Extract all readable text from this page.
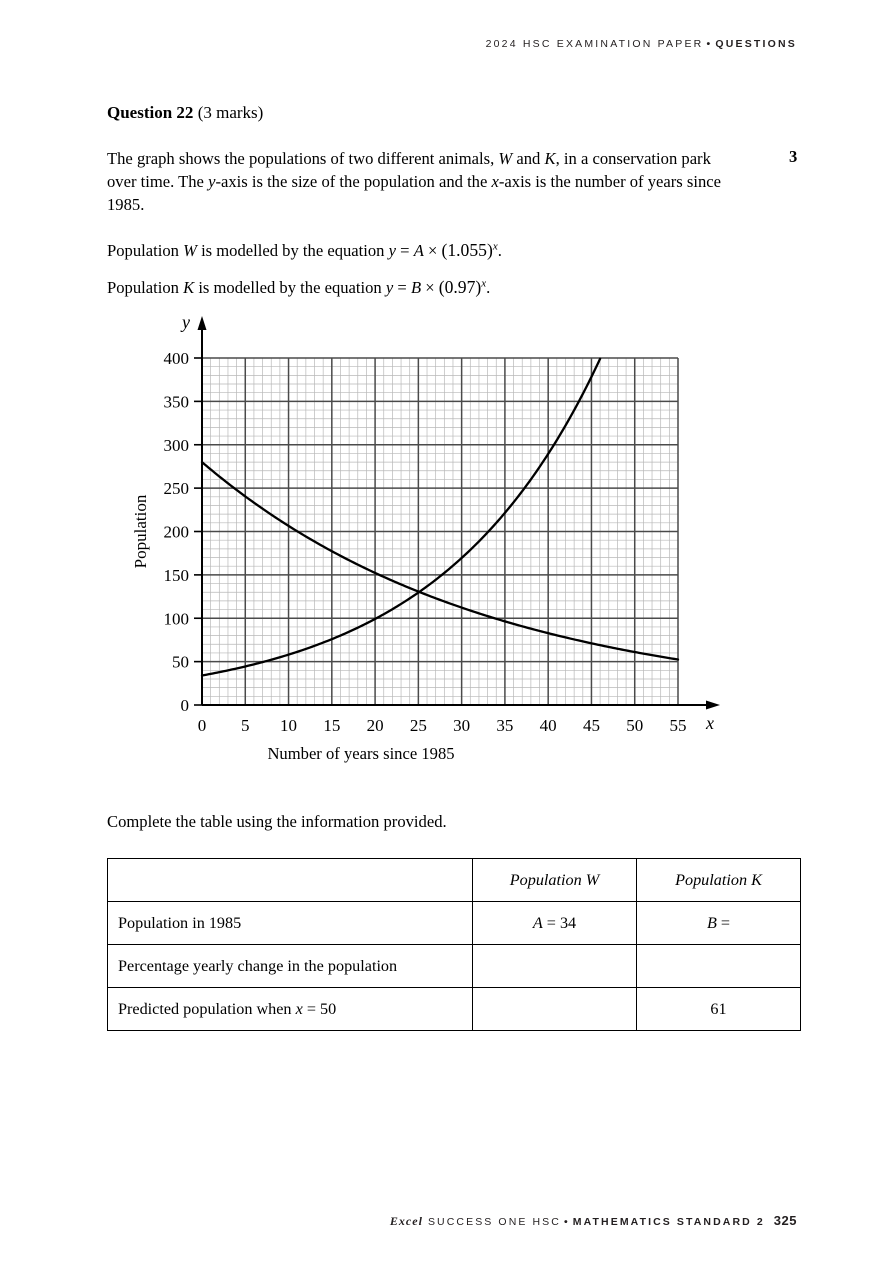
2024 HSC EXAMINATION PAPER • QUESTIONS
Question 22 (3 marks)
The graph shows the populations of two different animals, W and K, in a conservation park over time. The y-axis is the size of the population and the x-axis is the number of years since 1985.
3
Population W is modelled by the equation $y = A \times (1.055)^x$.
Population K is modelled by the equation $y = B \times (0.97)^x$.
0 5 10 15 20 25 30 35 40 45 50 55
0
50
100
150
200
250
300
350
400
y
x
Population
Number of years since 1985
Complete the table using the information provided.
	Population W	Population K
Population in 1985	A = 34	B =
Percentage yearly change in the population		
Predicted population when x = 50		61
Excel SUCCESS ONE HSC • MATHEMATICS STANDARD 2 325
